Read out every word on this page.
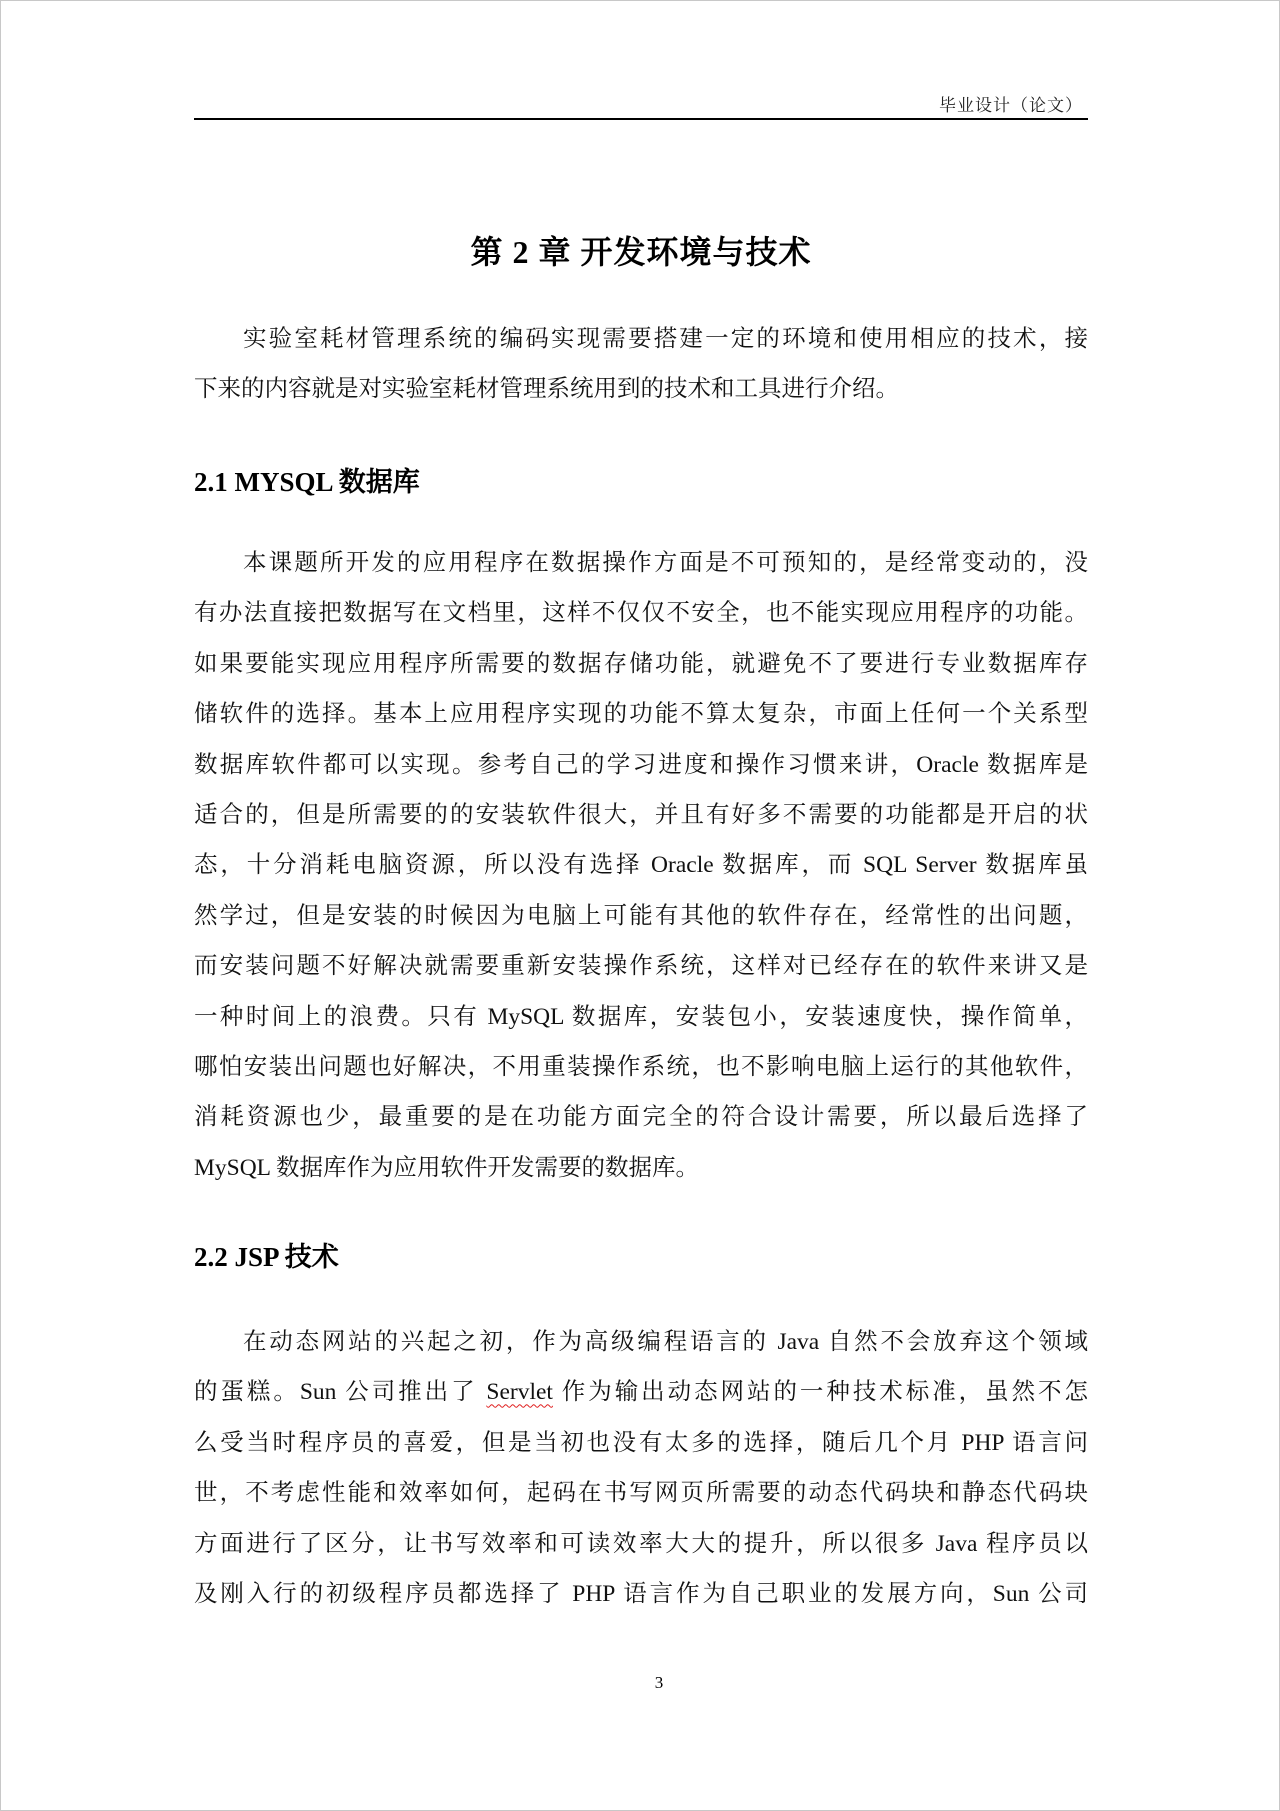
毕业设计（论文）
第 2 章 开发环境与技术
实验室耗材管理系统的编码实现需要搭建一定的环境和使用相应的技术，接
下来的内容就是对实验室耗材管理系统用到的技术和工具进行介绍。
2.1 MYSQL 数据库
本课题所开发的应用程序在数据操作方面是不可预知的，是经常变动的，没
有办法直接把数据写在文档里，这样不仅仅不安全，也不能实现应用程序的功能。
如果要能实现应用程序所需要的数据存储功能，就避免不了要进行专业数据库存
储软件的选择。基本上应用程序实现的功能不算太复杂，市面上任何一个关系型
数据库软件都可以实现。参考自己的学习进度和操作习惯来讲，Oracle 数据库是
适合的，但是所需要的的安装软件很大，并且有好多不需要的功能都是开启的状
态，十分消耗电脑资源，所以没有选择 Oracle 数据库，而 SQL Server 数据库虽
然学过，但是安装的时候因为电脑上可能有其他的软件存在，经常性的出问题，
而安装问题不好解决就需要重新安装操作系统，这样对已经存在的软件来讲又是
一种时间上的浪费。只有 MySQL 数据库，安装包小，安装速度快，操作简单，
哪怕安装出问题也好解决，不用重装操作系统，也不影响电脑上运行的其他软件，
消耗资源也少，最重要的是在功能方面完全的符合设计需要，所以最后选择了
MySQL 数据库作为应用软件开发需要的数据库。
2.2 JSP 技术
在动态网站的兴起之初，作为高级编程语言的 Java 自然不会放弃这个领域
的蛋糕。Sun 公司推出了 Servlet 作为输出动态网站的一种技术标准，虽然不怎
么受当时程序员的喜爱，但是当初也没有太多的选择，随后几个月 PHP 语言问
世，不考虑性能和效率如何，起码在书写网页所需要的动态代码块和静态代码块
方面进行了区分，让书写效率和可读效率大大的提升，所以很多 Java 程序员以
及刚入行的初级程序员都选择了 PHP 语言作为自己职业的发展方向，Sun 公司
3
